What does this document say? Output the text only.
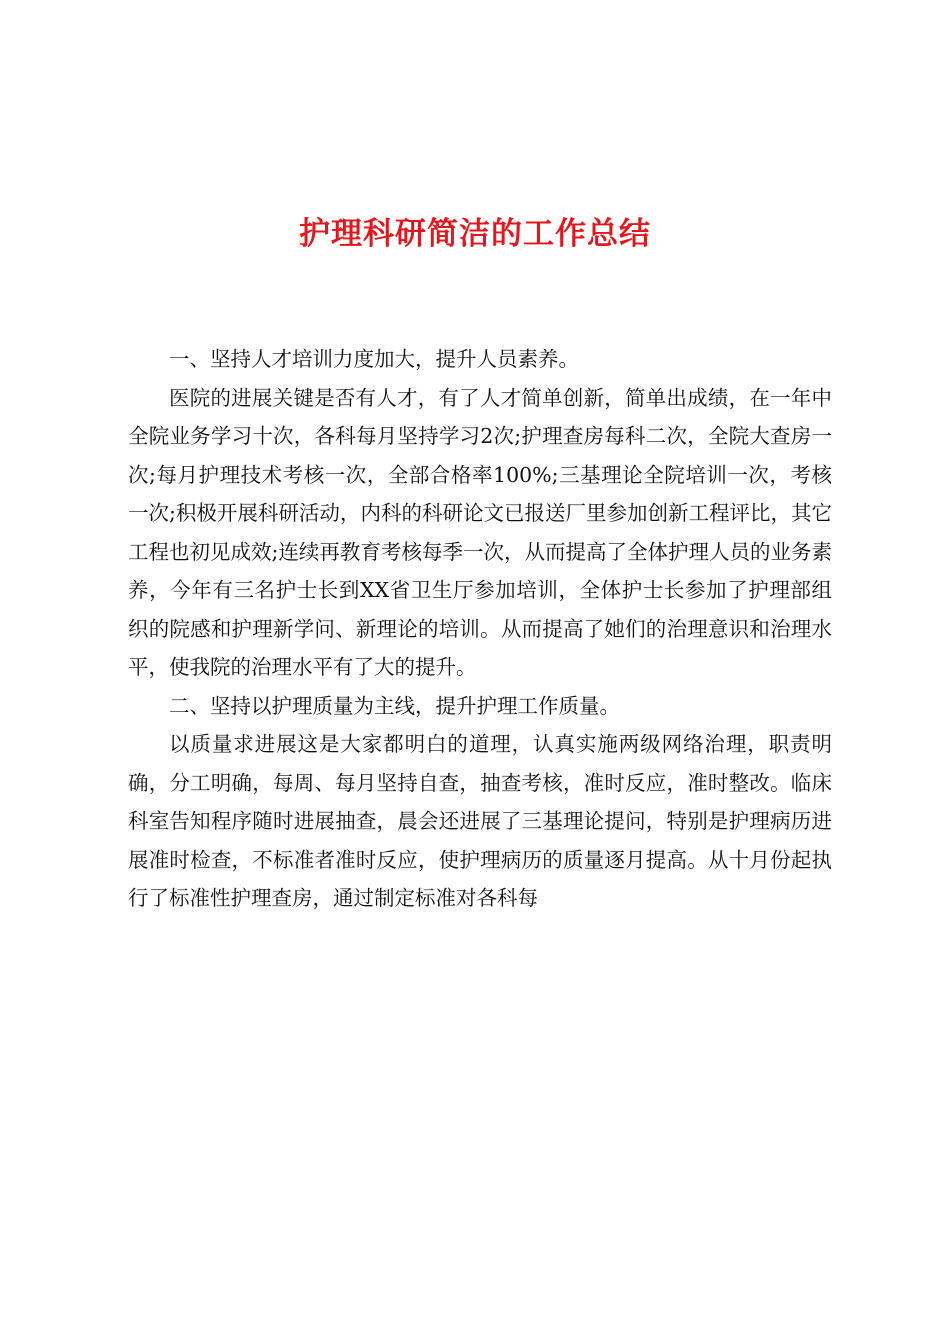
护理科研简洁的工作总结

一、坚持人才培训力度加大，提升人员素养。

医院的进展关键是否有人才，有了人才简单创新，简单出成绩，在一年中全院业务学习十次，各科每月坚持学习2次;护理查房每科二次，全院大查房一次;每月护理技术考核一次，全部合格率100%;三基理论全院培训一次，考核一次;积极开展科研活动，内科的科研论文已报送厂里参加创新工程评比，其它工程也初见成效;连续再教育考核每季一次，从而提高了全体护理人员的业务素养，今年有三名护士长到XX省卫生厅参加培训，全体护士长参加了护理部组织的院感和护理新学问、新理论的培训。从而提高了她们的治理意识和治理水平，使我院的治理水平有了大的提升。

二、坚持以护理质量为主线，提升护理工作质量。

以质量求进展这是大家都明白的道理，认真实施两级网络治理，职责明确，分工明确，每周、每月坚持自查，抽查考核，准时反应，准时整改。临床科室告知程序随时进展抽查，晨会还进展了三基理论提问，特别是护理病历进展准时检查，不标准者准时反应，使护理病历的质量逐月提高。从十月份起执行了标准性护理查房，通过制定标准对各科每
